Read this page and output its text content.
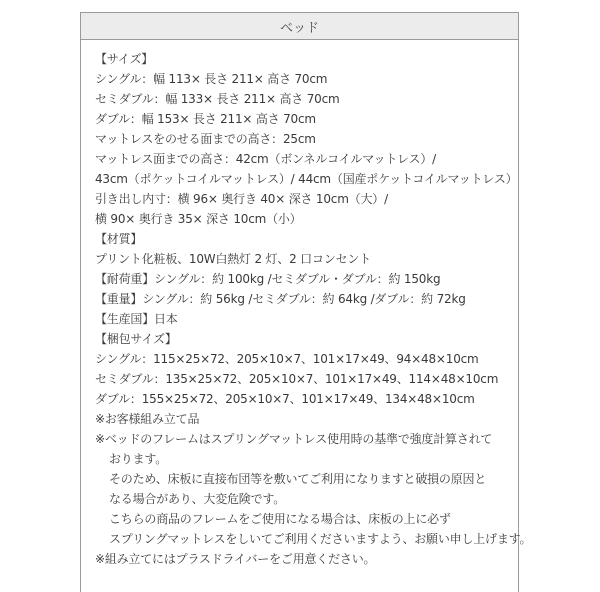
ベッド
【サイズ】
シングル：幅 113× 長さ 211× 高さ 70cm
セミダブル：幅 133× 長さ 211× 高さ 70cm
ダブル：幅 153× 長さ 211× 高さ 70cm
マットレスをのせる面までの高さ：25cm
マットレス面までの高さ：42cm（ボンネルコイルマットレス）/
43cm（ポケットコイルマットレス）/ 44cm（国産ポケットコイルマットレス）
引き出し内寸：横 96× 奥行き 40× 深さ 10cm（大）/
横 90× 奥行き 35× 深さ 10cm（小）
【材質】
プリント化粧板、10W白熱灯 2 灯、2 口コンセント
【耐荷重】シングル：約 100kg /セミダブル・ダブル：約 150kg
【重量】シングル：約 56kg /セミダブル：約 64kg /ダブル：約 72kg
【生産国】日本
【梱包サイズ】
シングル：115×25×72、205×10×7、101×17×49、94×48×10cm
セミダブル：135×25×72、205×10×7、101×17×49、114×48×10cm
ダブル：155×25×72、205×10×7、101×17×49、134×48×10cm
※お客様組み立て品
※ベッドのフレームはスプリングマットレス使用時の基準で強度計算されて
おります。
そのため、床板に直接布団等を敷いてご利用になりますと破損の原因と
なる場合があり、大変危険です。
こちらの商品のフレームをご使用になる場合は、床板の上に必ず
スプリングマットレスをしいてご利用くださいますよう、お願い申し上げます。
※組み立てにはプラスドライバーをご用意ください。
